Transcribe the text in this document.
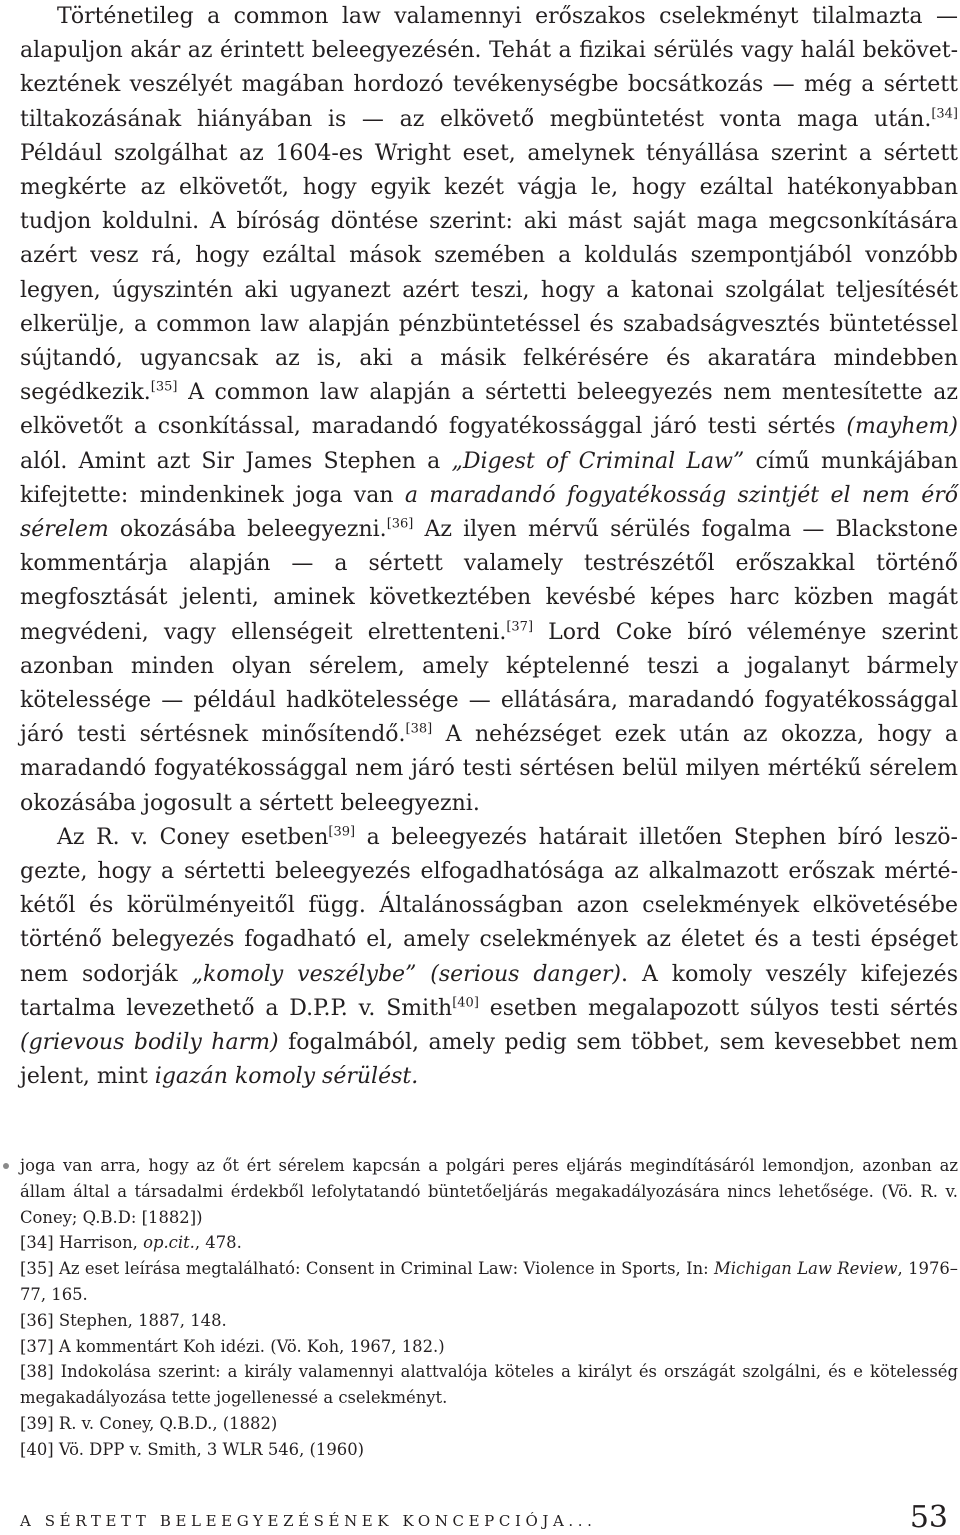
Történetileg a common law valamennyi erőszakos cselekményt tilalmazta — alapuljon akár az érintett beleegyezésén. Tehát a fizikai sérülés vagy halál bekövetkeztének veszélyét magában hordozó tevékenységbe bocsátkozás — még a sértett tiltakozásának hiányában is — az elkövető megbüntetést vonta maga után.[34] Például szolgálhat az 1604-es Wright eset, amelynek tényállása szerint a sértett megkérte az elkövetőt, hogy egyik kezét vágja le, hogy ezáltal hatékonyabban tudjon koldulni. A bíróság döntése szerint: aki mást saját maga megcsonkítására azért vesz rá, hogy ezáltal mások szemében a koldulás szempontjából vonzóbb legyen, úgyszintén aki ugyanezt azért teszi, hogy a katonai szolgálat teljesítését elkerülje, a common law alapján pénzbüntetéssel és szabadságvesztés büntetéssel sújtandó, ugyancsak az is, aki a másik felkérésére és akaratára mindebben segédkezik.[35] A common law alapján a sértetti beleegyezés nem mentesítette az elkövetőt a csonkítással, maradandó fogyatékossággal járó testi sértés (mayhem) alól. Amint azt Sir James Stephen a „Digest of Criminal Law” című munkájában kifejtette: mindenkinek joga van a maradandó fogyatékosság szintjét el nem érő sérelem okozásába beleegyezni.[36] Az ilyen mérvű sérülés fogalma — Blackstone kommentárja alapján — a sértett valamely testrészétől erőszakkal történő megfosztását jelenti, aminek következtében kevésbé képes harc közben magát megvédeni, vagy ellenségeit elrettenteni.[37] Lord Coke bíró véleménye szerint azonban minden olyan sérelem, amely képtelenné teszi a jogalanyt bármely kötelessége — például hadkötelessége — ellátására, maradandó fogyatékossággal járó testi sértésnek minősítendő.[38] A nehézséget ezek után az okozza, hogy a maradandó fogyatékossággal nem járó testi sértésen belül milyen mértékű sérelem okozásába jogosult a sértett beleegyezni.

Az R. v. Coney esetben[39] a beleegyezés határait illetően Stephen bíró leszögezte, hogy a sértetti beleegyezés elfogadhatósága az alkalmazott erőszak mértékétől és körülményeitől függ. Általánosságban azon cselekmények elkövetésébe történő belegyezés fogadható el, amely cselekmények az életet és a testi épséget nem sodorják „komoly veszélybe” (serious danger). A komoly veszély kifejezés tartalma levezethető a D.P.P. v. Smith[40] esetben megalapozott súlyos testi sértés (grievous bodily harm) fogalmából, amely pedig sem többet, sem kevesebbet nem jelent, mint igazán komoly sérülést.

joga van arra, hogy az őt ért sérelem kapcsán a polgári peres eljárás megindításáról lemondjon, azonban az állam által a társadalmi érdekből lefolytatandó büntetőeljárás megakadályozására nincs lehetősége. (Vö. R. v. Coney; Q.B.D: [1882])

[34] Harrison, op.cit., 478.

[35] Az eset leírása megtalálható: Consent in Criminal Law: Violence in Sports, In: Michigan Law Review, 1976–77, 165.

[36] Stephen, 1887, 148.

[37] A kommentárt Koh idézi. (Vö. Koh, 1967, 182.)

[38] Indokolása szerint: a király valamennyi alattvalója köteles a királyt és országát szolgálni, és e kötelesség megakadályozása tette jogellenessé a cselekményt.

[39] R. v. Coney, Q.B.D., (1882)

[40] Vö. DPP v. Smith, 3 WLR 546, (1960)

A SÉRTETT BELEEGYEZÉSÉNEK KONCEPCIÓJA...	53
